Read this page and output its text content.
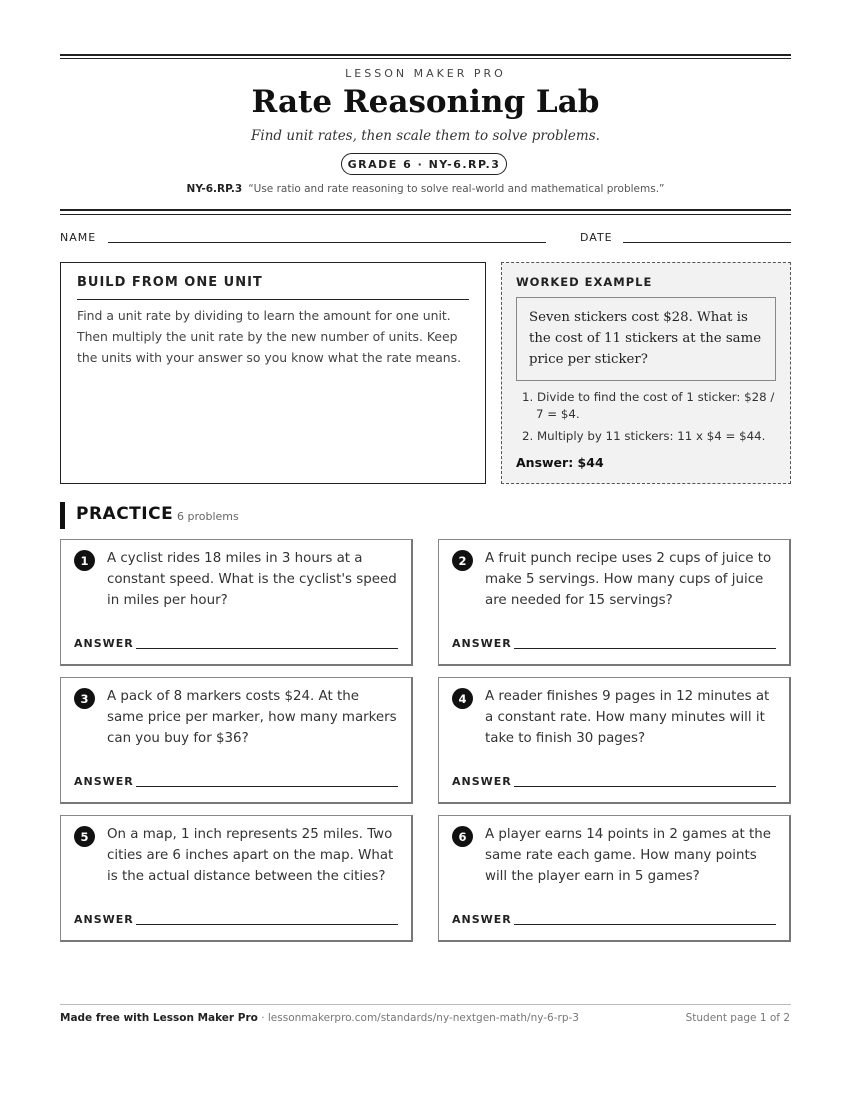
LESSON MAKER PRO
Rate Reasoning Lab
Find unit rates, then scale them to solve problems.
GRADE 6 · NY-6.RP.3
NY-6.RP.3 “Use ratio and rate reasoning to solve real-world and mathematical problems.”
NAME	DATE
BUILD FROM ONE UNIT
Find a unit rate by dividing to learn the amount for one unit. Then multiply the unit rate by the new number of units. Keep the units with your answer so you know what the rate means.
WORKED EXAMPLE
Seven stickers cost $28. What is the cost of 11 stickers at the same price per sticker?
1. Divide to find the cost of 1 sticker: $28 / 7 = $4.
2. Multiply by 11 stickers: 11 x $4 = $44.
Answer: $44
PRACTICE 6 problems
1	A cyclist rides 18 miles in 3 hours at a constant speed. What is the cyclist's speed in miles per hour?
ANSWER
2	A fruit punch recipe uses 2 cups of juice to make 5 servings. How many cups of juice are needed for 15 servings?
ANSWER
3	A pack of 8 markers costs $24. At the same price per marker, how many markers can you buy for $36?
ANSWER
4	A reader finishes 9 pages in 12 minutes at a constant rate. How many minutes will it take to finish 30 pages?
ANSWER
5	On a map, 1 inch represents 25 miles. Two cities are 6 inches apart on the map. What is the actual distance between the cities?
ANSWER
6	A player earns 14 points in 2 games at the same rate each game. How many points will the player earn in 5 games?
ANSWER
Made free with Lesson Maker Pro · lessonmakerpro.com/standards/ny-nextgen-math/ny-6-rp-3	Student page 1 of 2
